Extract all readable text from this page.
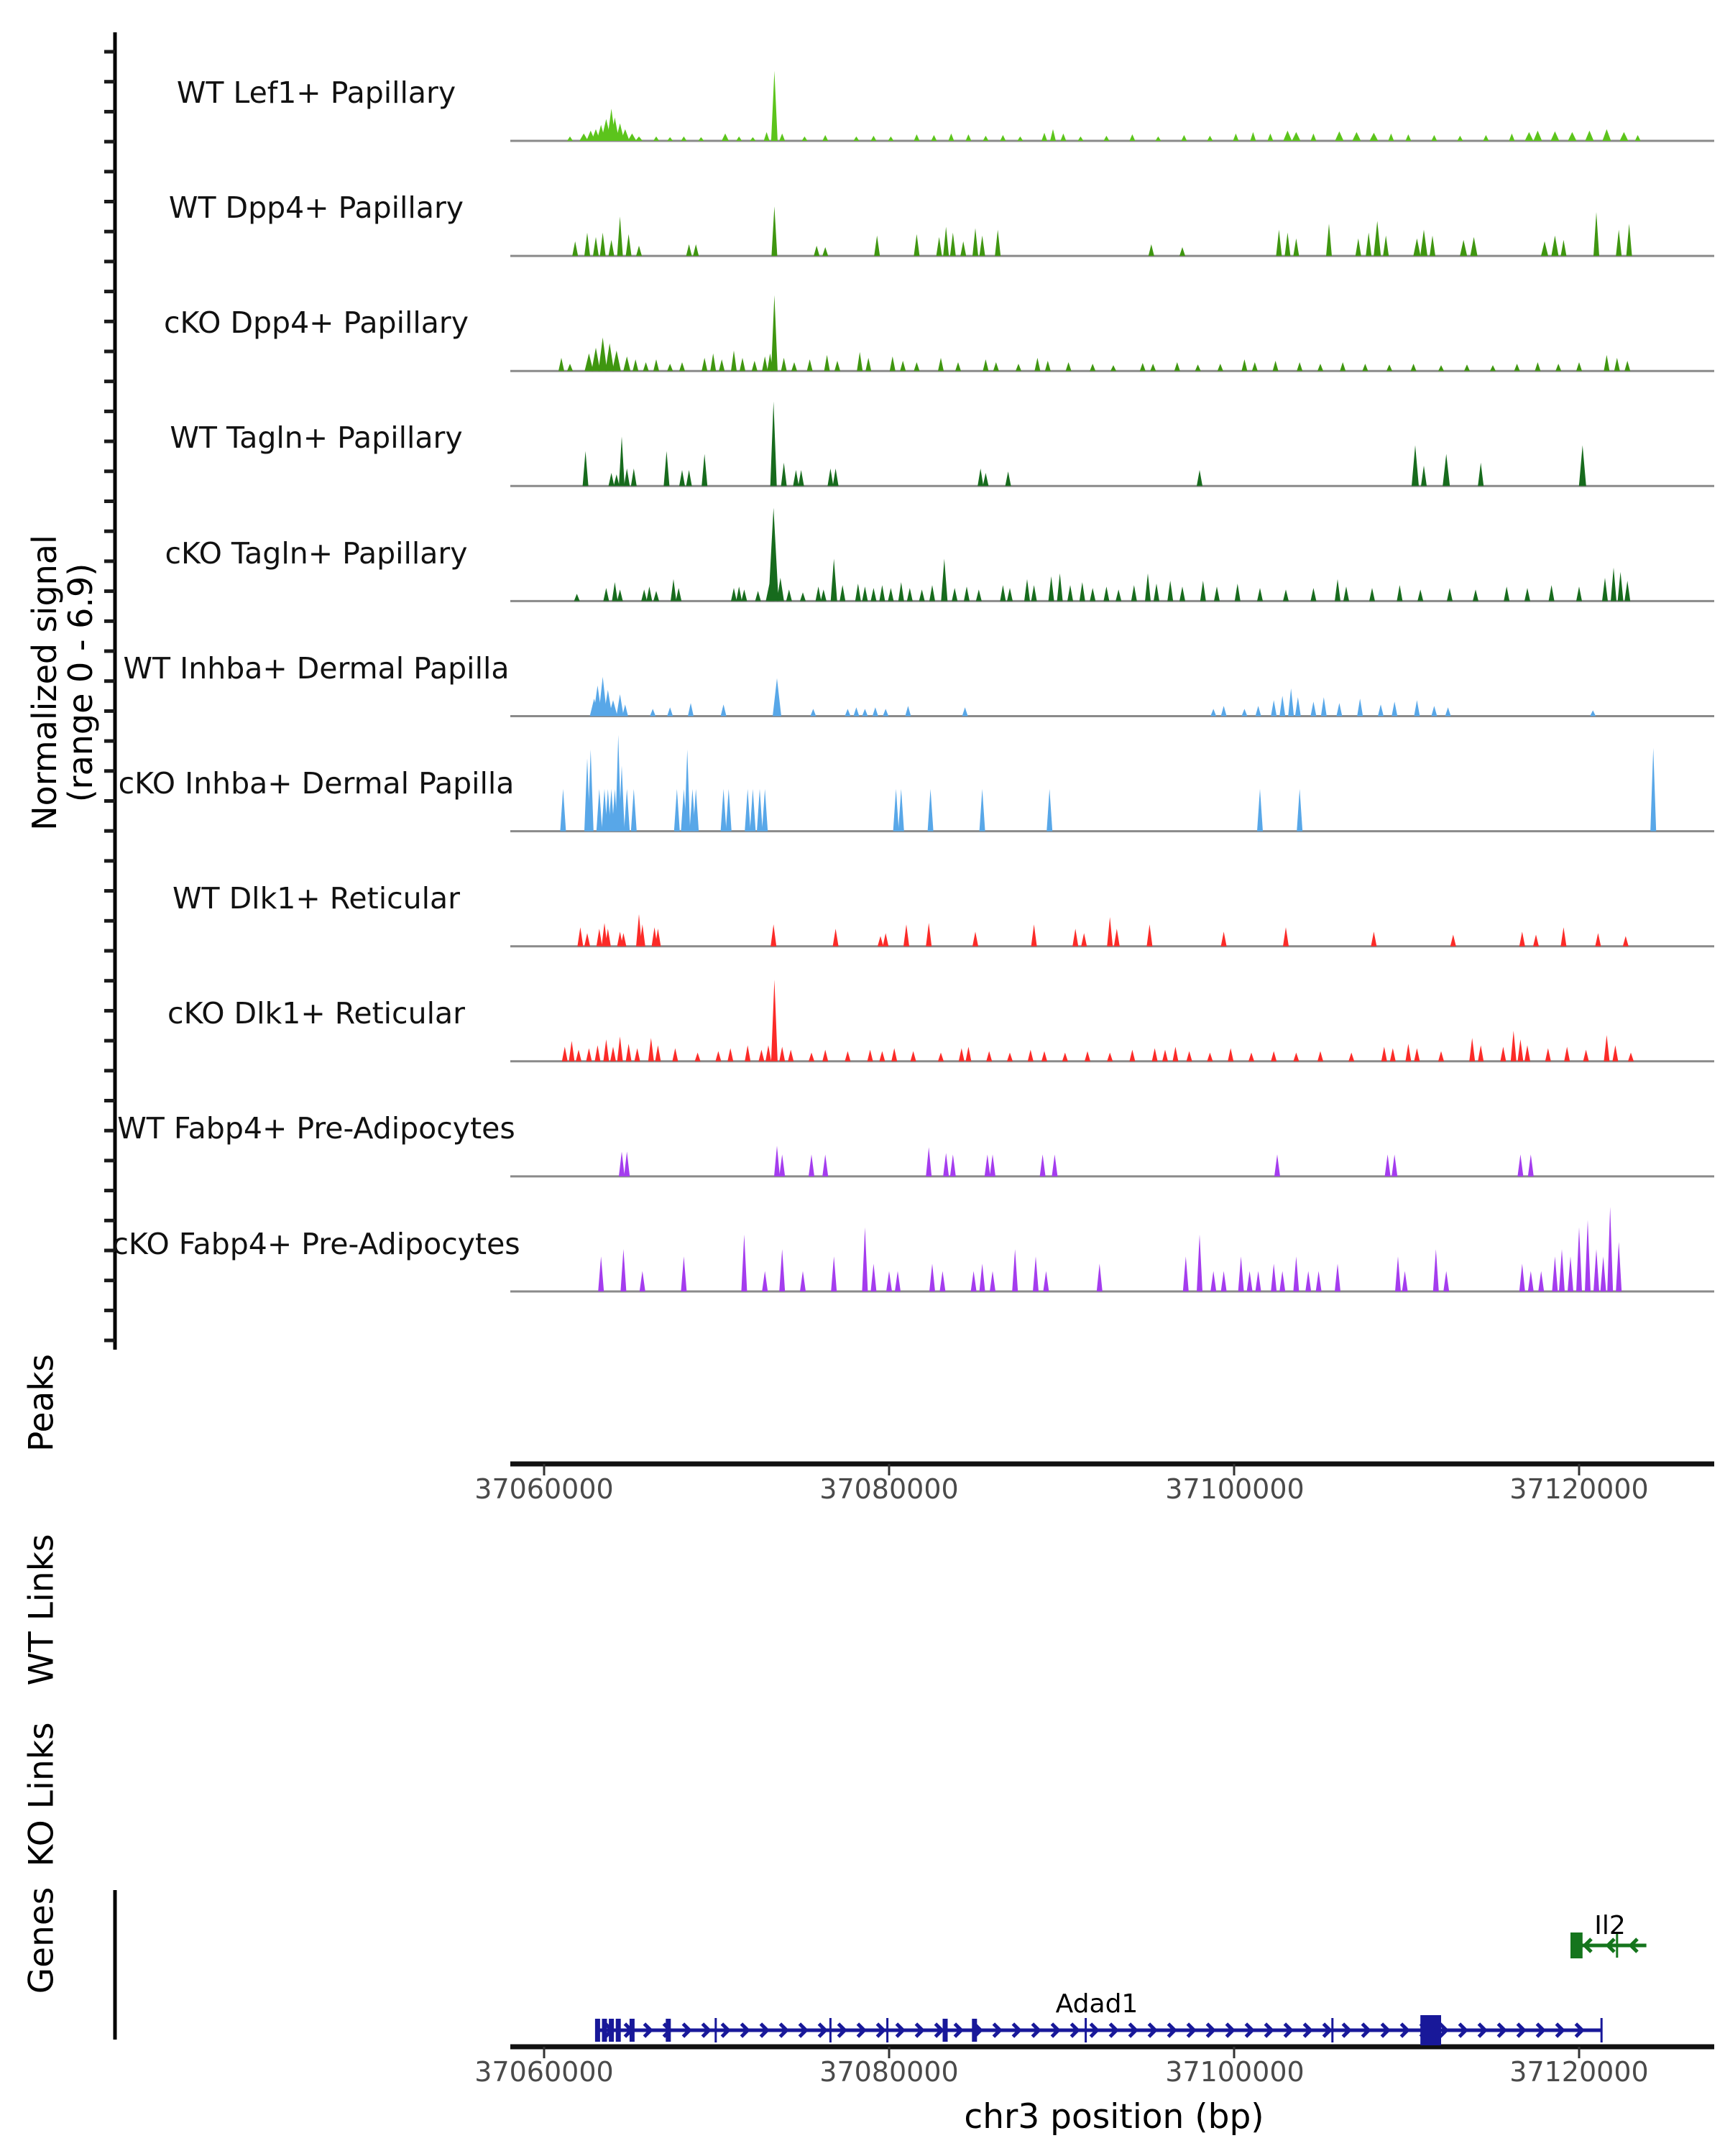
Normalized signal
(range 0 - 6.9)
WT Lef1+ Papillary
WT Dpp4+ Papillary
cKO Dpp4+ Papillary
WT Tagln+ Papillary
cKO Tagln+ Papillary
WT Inhba+ Dermal Papilla
cKO Inhba+ Dermal Papilla
WT Dlk1+ Reticular
cKO Dlk1+ Reticular
WT Fabp4+ Pre-Adipocytes
cKO Fabp4+ Pre-Adipocytes
Peaks
WT Links
KO Links
Genes
37060000	37080000	37100000	37120000
37060000	37080000	37100000	37120000
chr3 position (bp)
Adad1
Il2
